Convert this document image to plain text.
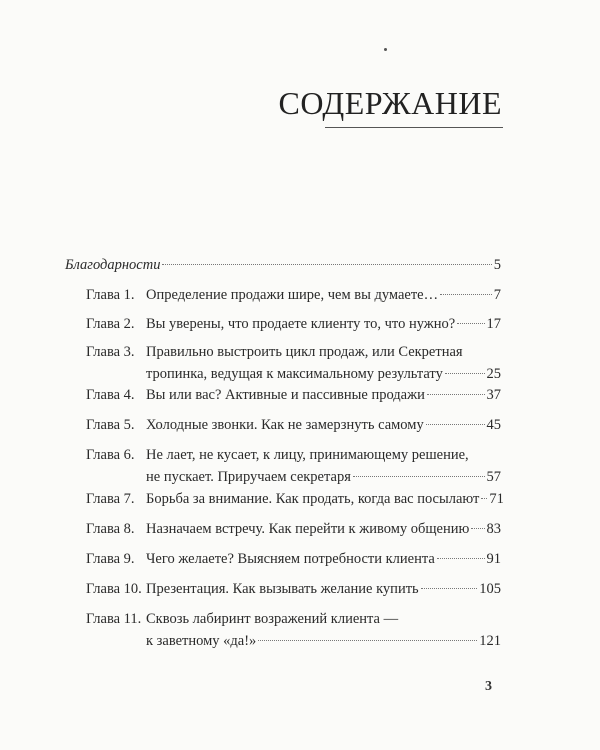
СОДЕРЖАНИЕ
Благодарности	5
Глава 1. Определение продажи шире, чем вы думаете…	7
Глава 2. Вы уверены, что продаете клиенту то, что нужно? 17
Глава 3. Правильно выстроить цикл продаж, или Секретная
тропинка, ведущая к максимальному результату	25
Глава 4. Вы или вас? Активные и пассивные продажи	37
Глава 5. Холодные звонки. Как не замерзнуть самому	45
Глава 6. Не лает, не кусает, к лицу, принимающему решение,
не пускает. Приручаем секретаря	57
Глава 7. Борьба за внимание. Как продать, когда вас посылают 71
Глава 8. Назначаем встречу. Как перейти к живому общению 83
Глава 9. Чего желаете? Выясняем потребности клиента	91
Глава 10. Презентация. Как вызывать желание купить	105
Глава 11. Сквозь лабиринт возражений клиента —
к заветному «да!»	121
3
